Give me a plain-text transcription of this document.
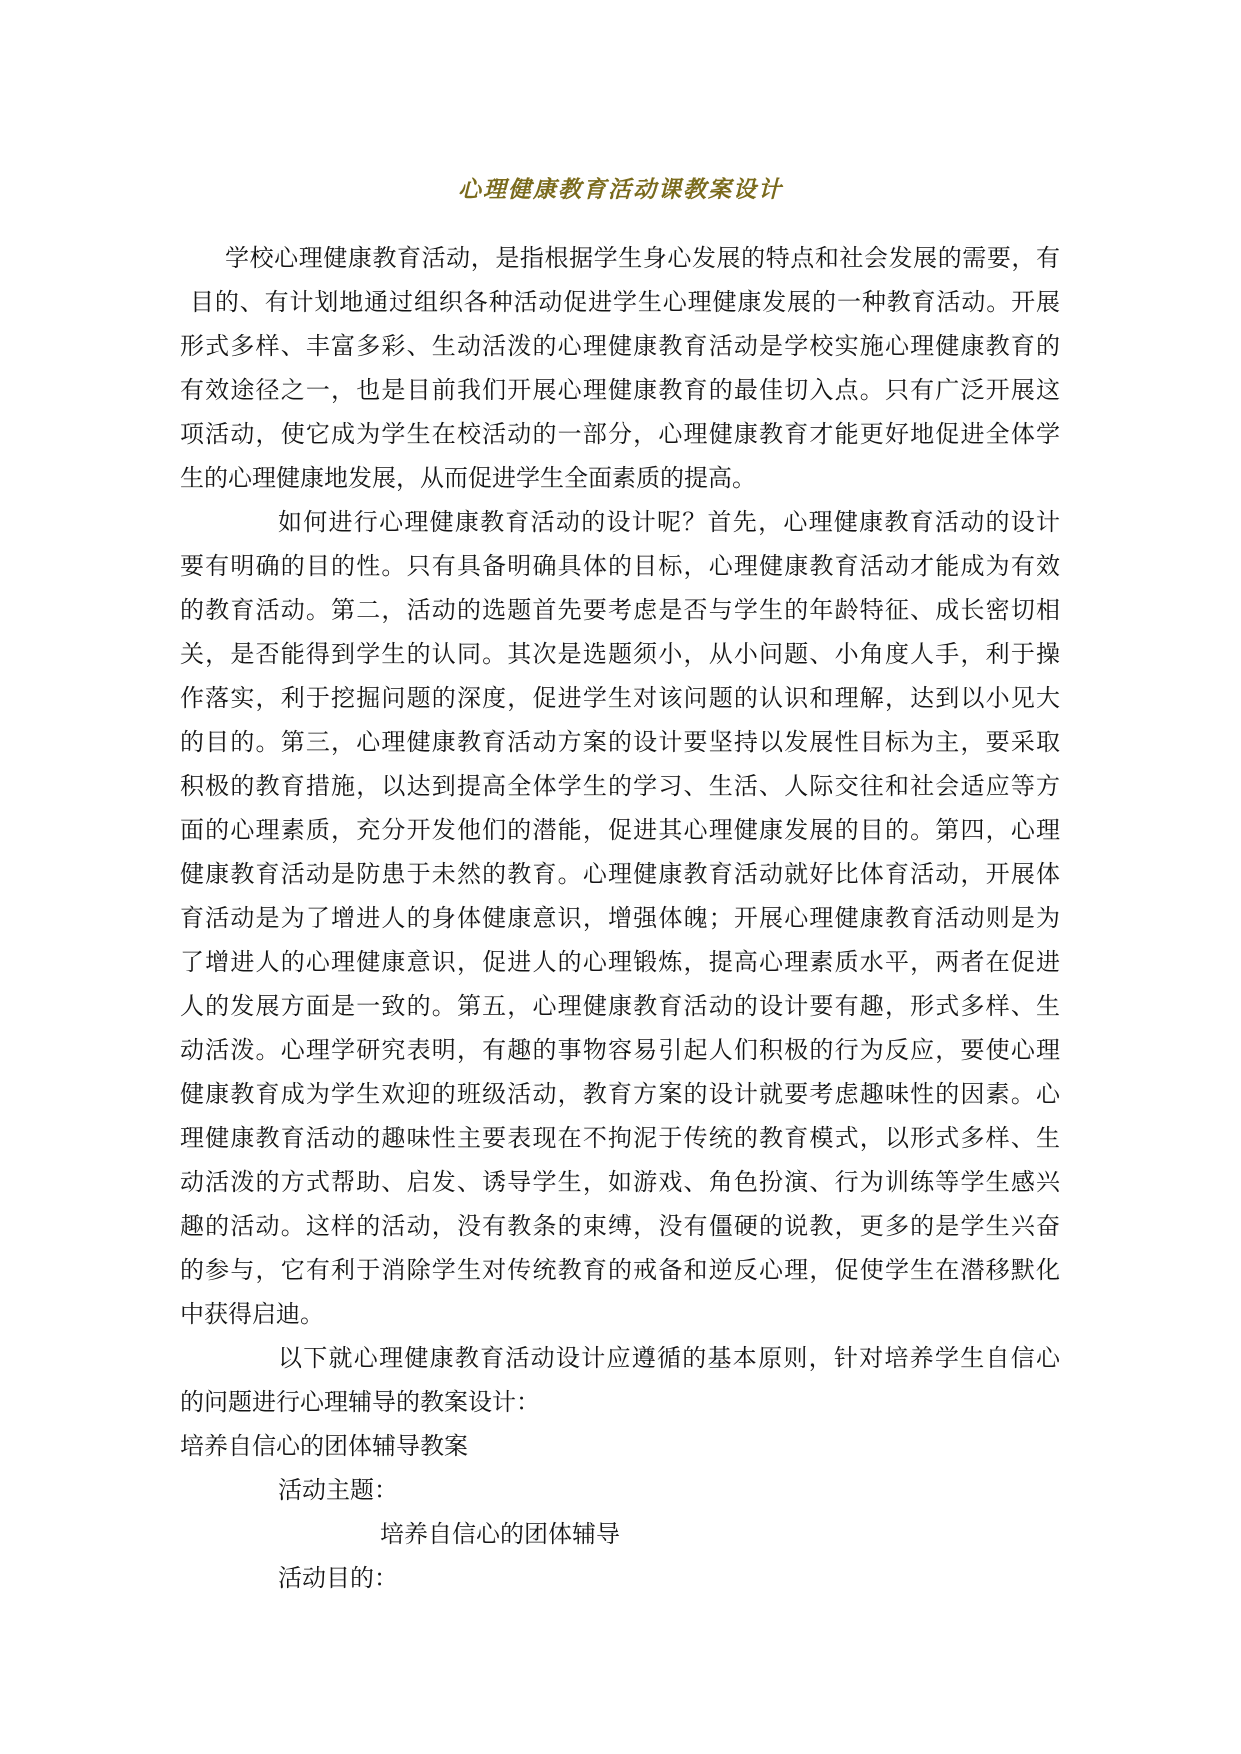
心理健康教育活动课教案设计
学校心理健康教育活动，是指根据学生身心发展的特点和社会发展的需要，有
目的、有计划地通过组织各种活动促进学生心理健康发展的一种教育活动。开展
形式多样、丰富多彩、生动活泼的心理健康教育活动是学校实施心理健康教育的
有效途径之一，也是目前我们开展心理健康教育的最佳切入点。只有广泛开展这
项活动，使它成为学生在校活动的一部分，心理健康教育才能更好地促进全体学
生的心理健康地发展，从而促进学生全面素质的提高。
如何进行心理健康教育活动的设计呢？首先，心理健康教育活动的设计
要有明确的目的性。只有具备明确具体的目标，心理健康教育活动才能成为有效
的教育活动。第二，活动的选题首先要考虑是否与学生的年龄特征、成长密切相
关，是否能得到学生的认同。其次是选题须小，从小问题、小角度人手，利于操
作落实，利于挖掘问题的深度，促进学生对该问题的认识和理解，达到以小见大
的目的。第三，心理健康教育活动方案的设计要坚持以发展性目标为主，要采取
积极的教育措施，以达到提高全体学生的学习、生活、人际交往和社会适应等方
面的心理素质，充分开发他们的潜能，促进其心理健康发展的目的。第四，心理
健康教育活动是防患于未然的教育。心理健康教育活动就好比体育活动，开展体
育活动是为了增进人的身体健康意识，增强体魄；开展心理健康教育活动则是为
了增进人的心理健康意识，促进人的心理锻炼，提高心理素质水平，两者在促进
人的发展方面是一致的。第五，心理健康教育活动的设计要有趣，形式多样、生
动活泼。心理学研究表明，有趣的事物容易引起人们积极的行为反应，要使心理
健康教育成为学生欢迎的班级活动，教育方案的设计就要考虑趣味性的因素。心
理健康教育活动的趣味性主要表现在不拘泥于传统的教育模式，以形式多样、生
动活泼的方式帮助、启发、诱导学生，如游戏、角色扮演、行为训练等学生感兴
趣的活动。这样的活动，没有教条的束缚，没有僵硬的说教，更多的是学生兴奋
的参与，它有利于消除学生对传统教育的戒备和逆反心理，促使学生在潜移默化
中获得启迪。
以下就心理健康教育活动设计应遵循的基本原则，针对培养学生自信心
的问题进行心理辅导的教案设计：
培养自信心的团体辅导教案
活动主题：
培养自信心的团体辅导
活动目的：
